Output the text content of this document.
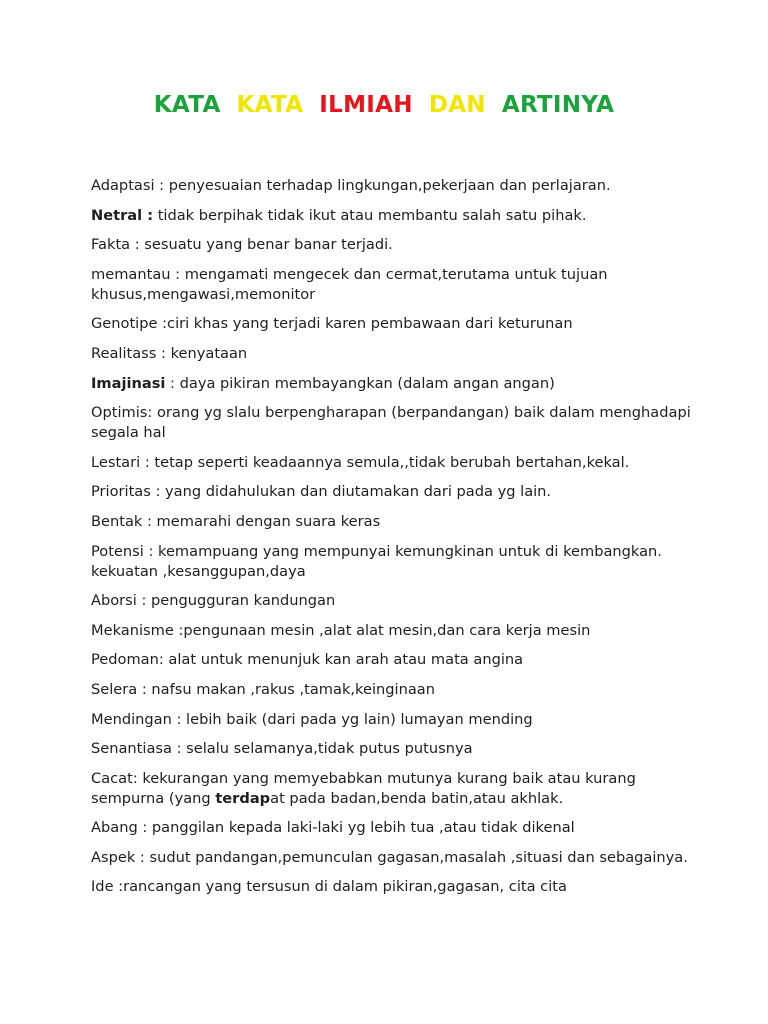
KATA KATA ILMIAH DAN ARTINYA
Adaptasi : penyesuaian terhadap lingkungan,pekerjaan dan perlajaran.
Netral : tidak berpihak tidak ikut atau membantu salah satu pihak.
Fakta : sesuatu yang benar banar terjadi.
memantau : mengamati mengecek dan cermat,terutama untuk tujuan khusus,mengawasi,memonitor
Genotipe :ciri khas yang terjadi karen pembawaan dari keturunan
Realitass : kenyataan
Imajinasi : daya pikiran membayangkan (dalam angan angan)
Optimis: orang yg slalu berpengharapan (berpandangan) baik dalam menghadapi segala hal
Lestari : tetap seperti keadaannya semula,,tidak berubah bertahan,kekal.
Prioritas : yang didahulukan dan diutamakan dari pada yg lain.
Bentak : memarahi dengan suara keras
Potensi : kemampuang yang mempunyai kemungkinan untuk di kembangkan. kekuatan ,kesanggupan,daya
Aborsi : pengugguran kandungan
Mekanisme :pengunaan mesin ,alat alat mesin,dan cara kerja mesin
Pedoman: alat untuk menunjuk kan arah atau mata angina
Selera : nafsu makan ,rakus ,tamak,keinginaan
Mendingan : lebih baik (dari pada yg lain) lumayan mending
Senantiasa : selalu selamanya,tidak putus putusnya
Cacat: kekurangan yang memyebabkan mutunya kurang baik atau kurang sempurna (yang terdapat pada badan,benda batin,atau akhlak.
Abang : panggilan kepada laki-laki yg lebih tua ,atau tidak dikenal
Aspek : sudut pandangan,pemunculan gagasan,masalah ,situasi dan sebagainya.
Ide :rancangan yang tersusun di dalam pikiran,gagasan, cita cita
